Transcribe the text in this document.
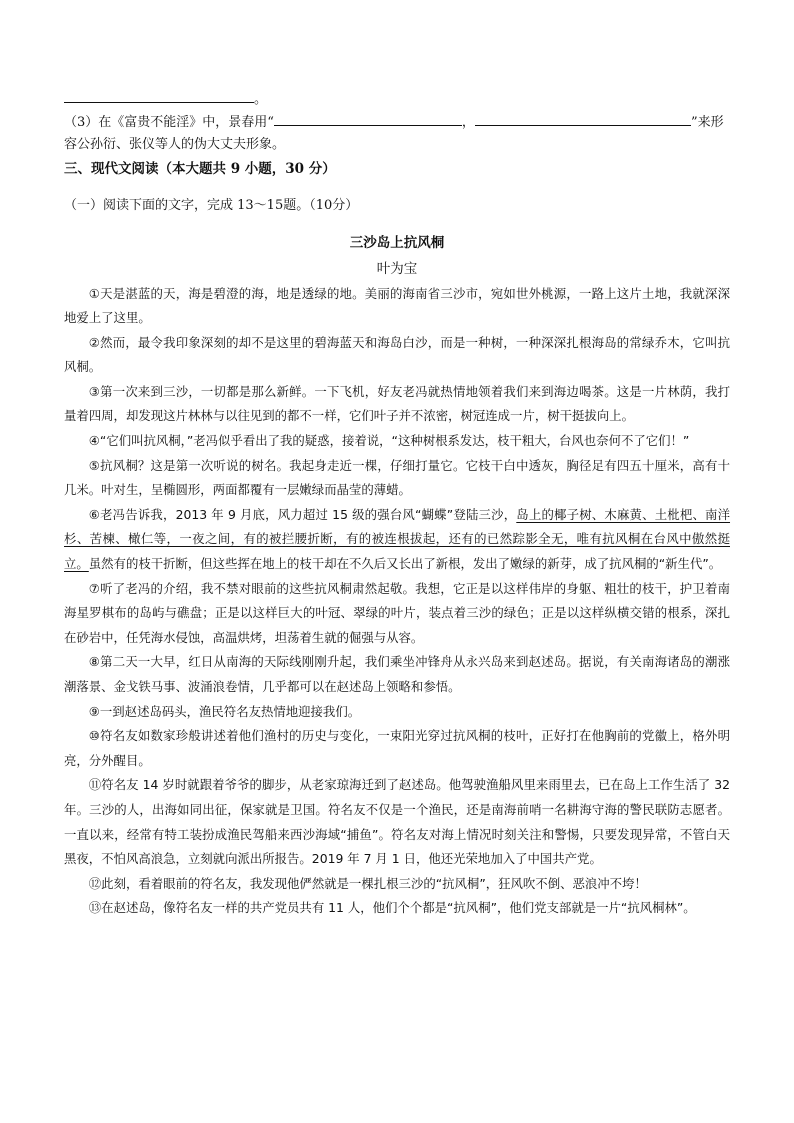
。

（3）在《富贵不能淫》中，景春用“	，	”来形

容公孙衍、张仪等人的伪大丈夫形象。

三、现代文阅读（本大题共 9 小题，30 分）

（一）阅读下面的文字，完成 13～15题。（10分）

三沙岛上抗风桐
叶为宝

①天是湛蓝的天，海是碧澄的海，地是透绿的地。美丽的海南省三沙市，宛如世外桃源，一路上这片土地，我就深深地爱上了这里。

②然而，最令我印象深刻的却不是这里的碧海蓝天和海岛白沙，而是一种树，一种深深扎根海岛的常绿乔木，它叫抗风桐。

③第一次来到三沙，一切都是那么新鲜。一下飞机，好友老冯就热情地领着我们来到海边喝茶。这是一片林荫，我打量着四周，却发现这片林林与以往见到的都不一样，它们叶子并不浓密，树冠连成一片，树干挺拔向上。

④“它们叫抗风桐，”老冯似乎看出了我的疑惑，接着说，“这种树根系发达，枝干粗大，台风也奈何不了它们！”

⑤抗风桐？这是第一次听说的树名。我起身走近一棵，仔细打量它。它枝干白中透灰，胸径足有四五十厘米，高有十几米。叶对生，呈椭圆形，两面都覆有一层嫩绿而晶莹的薄蜡。

⑥老冯告诉我，2013 年 9 月底，风力超过 15 级的强台风“蝴蝶”登陆三沙，岛上的椰子树、木麻黄、土枇杷、南洋杉、苦楝、橄仁等，一夜之间，有的被拦腰折断，有的被连根拔起，还有的已然踪影全无，唯有抗风桐在台风中傲然挺立。虽然有的枝干折断，但这些挥在地上的枝干却在不久后又长出了新根，发出了嫩绿的新芽，成了抗风桐的“新生代”。

⑦听了老冯的介绍，我不禁对眼前的这些抗风桐肃然起敬。我想，它正是以这样伟岸的身躯、粗壮的枝干，护卫着南海星罗棋布的岛屿与礁盘；正是以这样巨大的叶冠、翠绿的叶片，装点着三沙的绿色；正是以这样纵横交错的根系，深扎在砂岩中，任凭海水侵蚀，高温烘烤，坦荡着生就的倔强与从容。

⑧第二天一大早，红日从南海的天际线刚刚升起，我们乘坐冲锋舟从永兴岛来到赵述岛。据说，有关南海诸岛的潮涨潮落景、金戈铁马事、波涌浪卷情，几乎都可以在赵述岛上领略和参悟。

⑨一到赵述岛码头，渔民符名友热情地迎接我们。

⑩符名友如数家珍般讲述着他们渔村的历史与变化，一束阳光穿过抗风桐的枝叶，正好打在他胸前的党徽上，格外明亮，分外醒目。

⑪符名友 14 岁时就跟着爷爷的脚步，从老家琼海迁到了赵述岛。他驾驶渔船风里来雨里去，已在岛上工作生活了 32 年。三沙的人，出海如同出征，保家就是卫国。符名友不仅是一个渔民，还是南海前哨一名耕海守海的警民联防志愿者。一直以来，经常有特工装扮成渔民驾船来西沙海域“捕鱼”。符名友对海上情况时刻关注和警惕，只要发现异常，不管白天黑夜，不怕风高浪急，立刻就向派出所报告。2019 年 7 月 1 日，他还光荣地加入了中国共产党。

⑫此刻，看着眼前的符名友，我发现他俨然就是一棵扎根三沙的“抗风桐”，狂风吹不倒、恶浪冲不垮！

⑬在赵述岛，像符名友一样的共产党员共有 11 人，他们个个都是“抗风桐”，他们党支部就是一片“抗风桐林”。
